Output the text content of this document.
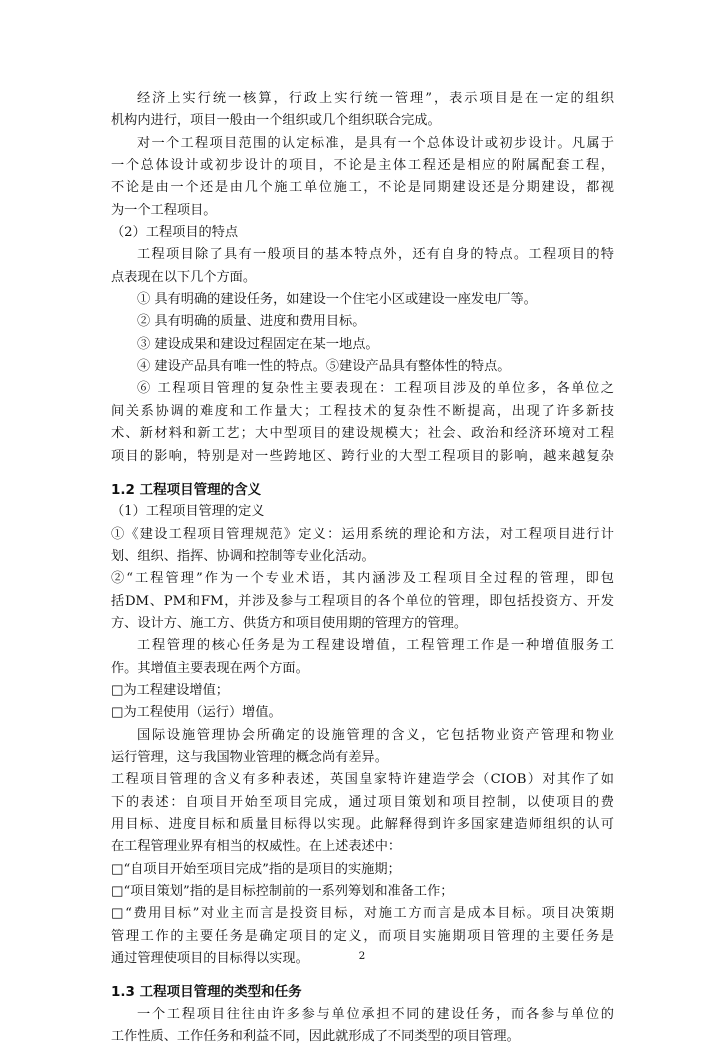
经济上实行统一核算，行政上实行统一管理”，表示项目是在一定的组织
机构内进行，项目一般由一个组织或几个组织联合完成。
对一个工程项目范围的认定标准，是具有一个总体设计或初步设计。凡属于
一个总体设计或初步设计的项目，不论是主体工程还是相应的附属配套工程，
不论是由一个还是由几个施工单位施工，不论是同期建设还是分期建设，都视
为一个工程项目。
（2）工程项目的特点
工程项目除了具有一般项目的基本特点外，还有自身的特点。工程项目的特
点表现在以下几个方面。
① 具有明确的建设任务，如建设一个住宅小区或建设一座发电厂等。
② 具有明确的质量、进度和费用目标。
③ 建设成果和建设过程固定在某一地点。
④ 建设产品具有唯一性的特点。⑤建设产品具有整体性的特点。
⑥ 工程项目管理的复杂性主要表现在：工程项目涉及的单位多，各单位之
间关系协调的难度和工作量大；工程技术的复杂性不断提高，出现了许多新技
术、新材料和新工艺；大中型项目的建设规模大；社会、政治和经济环境对工程
项目的影响，特别是对一些跨地区、跨行业的大型工程项目的影响，越来越复杂
1.2 工程项目管理的含义
（1）工程项目管理的定义
①《建设工程项目管理规范》定义：运用系统的理论和方法，对工程项目进行计
划、组织、指挥、协调和控制等专业化活动。
②“工程管理”作为一个专业术语，其内涵涉及工程项目全过程的管理，即包
括DM、PM和FM，并涉及参与工程项目的各个单位的管理，即包括投资方、开发
方、设计方、施工方、供货方和项目使用期的管理方的管理。
工程管理的核心任务是为工程建设增值，工程管理工作是一种增值服务工
作。其增值主要表现在两个方面。
□为工程建设增值；
□为工程使用（运行）增值。
国际设施管理协会所确定的设施管理的含义，它包括物业资产管理和物业
运行管理，这与我国物业管理的概念尚有差异。
工程项目管理的含义有多种表述，英国皇家特许建造学会（CIOB）对其作了如
下的表述：自项目开始至项目完成，通过项目策划和项目控制，以使项目的费
用目标、进度目标和质量目标得以实现。此解释得到许多国家建造师组织的认可
在工程管理业界有相当的权威性。在上述表述中：
□“自项目开始至项目完成”指的是项目的实施期；
□“项目策划”指的是目标控制前的一系列筹划和准备工作；
□“费用目标”对业主而言是投资目标，对施工方而言是成本目标。项目决策期
管理工作的主要任务是确定项目的定义，而项目实施期项目管理的主要任务是
通过管理使项目的目标得以实现。
1.3 工程项目管理的类型和任务
一个工程项目往往由许多参与单位承担不同的建设任务，而各参与单位的
工作性质、工作任务和利益不同，因此就形成了不同类型的项目管理。
2
